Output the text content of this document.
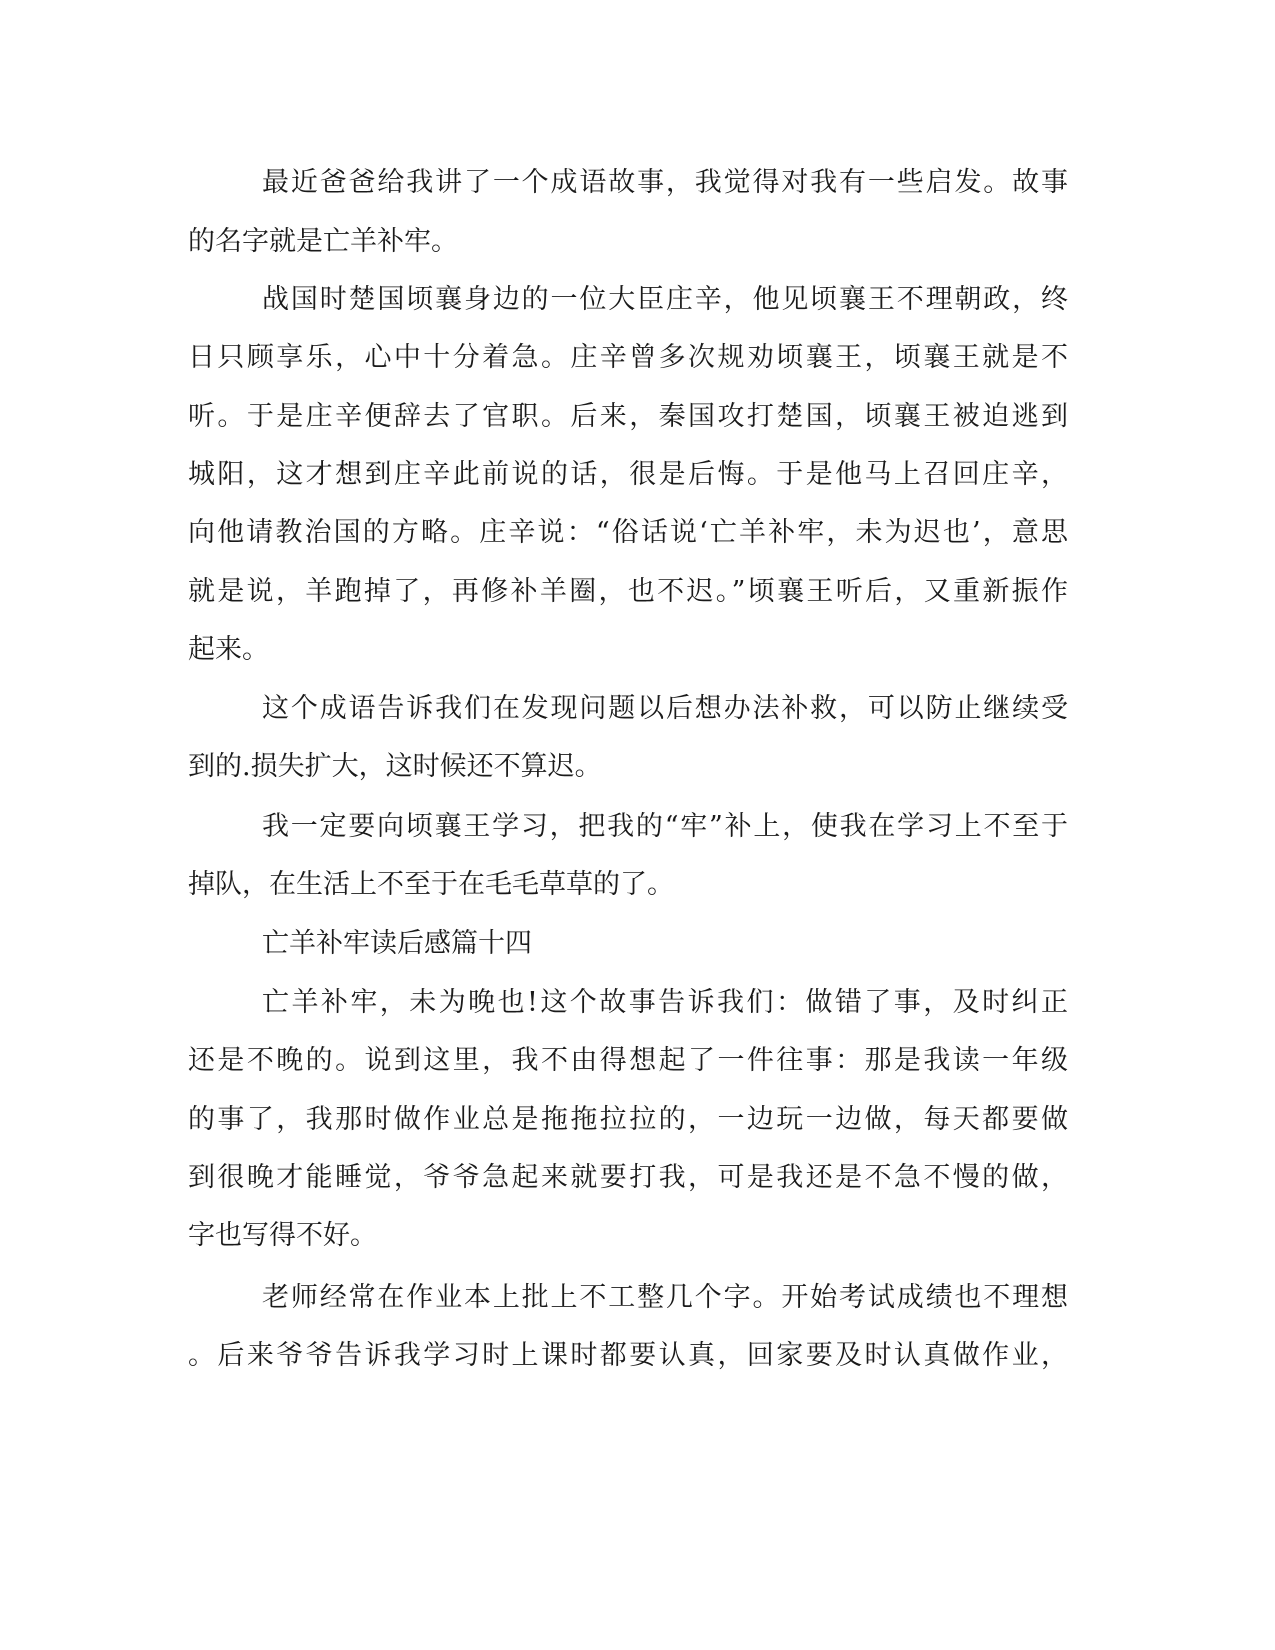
最近爸爸给我讲了一个成语故事，我觉得对我有一些启发。故事
的名字就是亡羊补牢。
战国时楚国顷襄身边的一位大臣庄辛，他见顷襄王不理朝政，终
日只顾享乐，心中十分着急。庄辛曾多次规劝顷襄王，顷襄王就是不
听。于是庄辛便辞去了官职。后来，秦国攻打楚国，顷襄王被迫逃到
城阳，这才想到庄辛此前说的话，很是后悔。于是他马上召回庄辛，
向他请教治国的方略。庄辛说：“俗话说‘亡羊补牢，未为迟也’，意思
就是说，羊跑掉了，再修补羊圈，也不迟。”顷襄王听后，又重新振作
起来。
这个成语告诉我们在发现问题以后想办法补救，可以防止继续受
到的.损失扩大，这时候还不算迟。
我一定要向顷襄王学习，把我的“牢”补上，使我在学习上不至于
掉队，在生活上不至于在毛毛草草的了。
亡羊补牢读后感篇十四
亡羊补牢，未为晚也!这个故事告诉我们：做错了事，及时纠正
还是不晚的。说到这里，我不由得想起了一件往事：那是我读一年级
的事了，我那时做作业总是拖拖拉拉的，一边玩一边做，每天都要做
到很晚才能睡觉，爷爷急起来就要打我，可是我还是不急不慢的做，
字也写得不好。
老师经常在作业本上批上不工整几个字。开始考试成绩也不理想
。后来爷爷告诉我学习时上课时都要认真，回家要及时认真做作业，
